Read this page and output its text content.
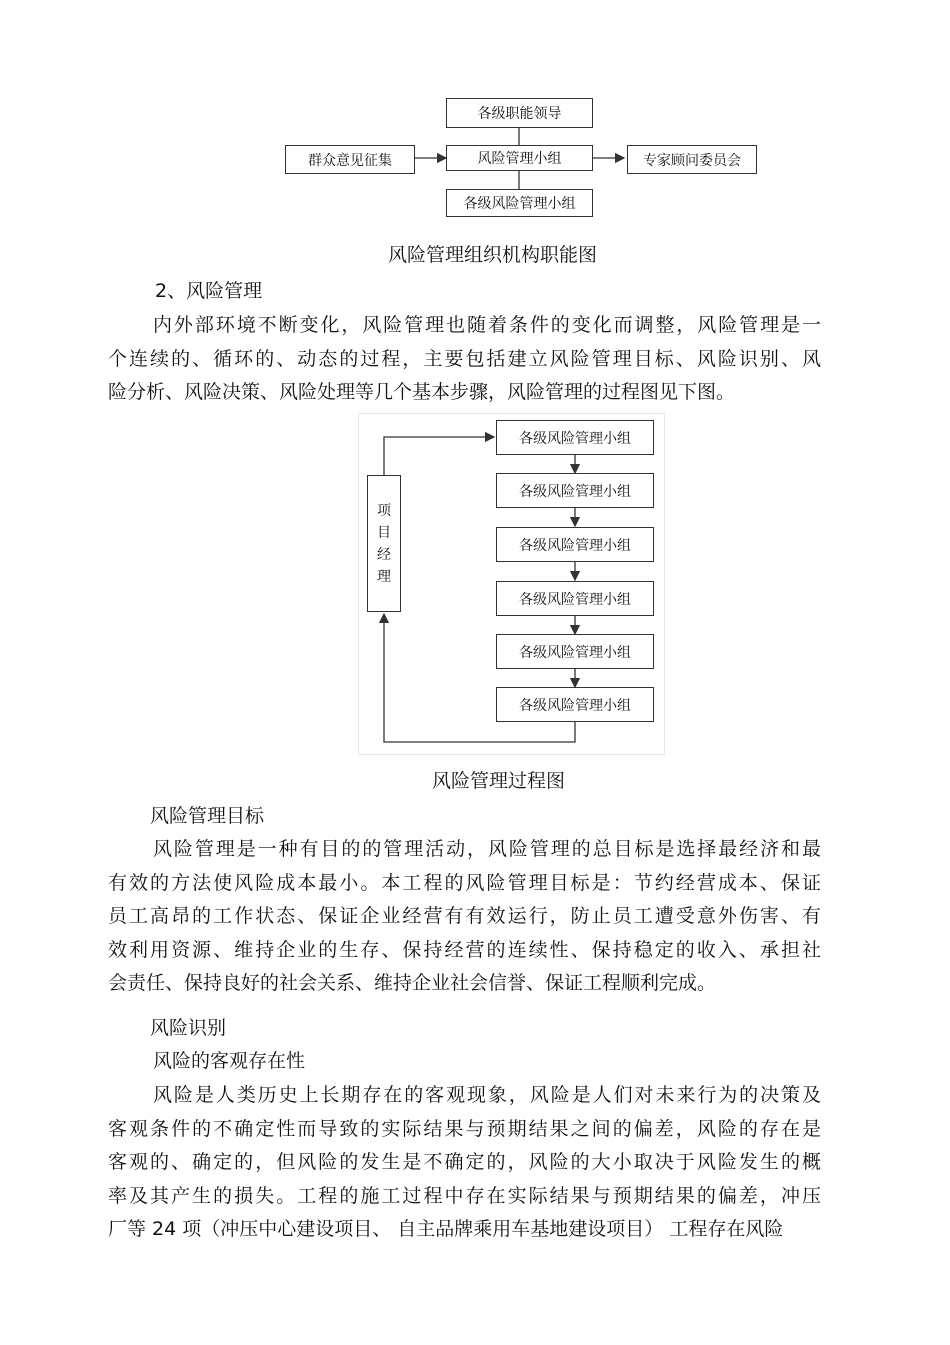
各级职能领导
群众意见征集	风险管理小组	专家顾问委员会
各级风险管理小组
风险管理组织机构职能图
2、风险管理
内外部环境不断变化，风险管理也随着条件的变化而调整，风险管理是一
个连续的、循环的、动态的过程，主要包括建立风险管理目标、风险识别、风
险分析、风险决策、风险处理等几个基本步骤，风险管理的过程图见下图。
项
目
经
理
各级风险管理小组
各级风险管理小组
各级风险管理小组
各级风险管理小组
各级风险管理小组
各级风险管理小组
风险管理过程图
风险管理目标
风险管理是一种有目的的管理活动，风险管理的总目标是选择最经济和最
有效的方法使风险成本最小。本工程的风险管理目标是：节约经营成本、保证
员工高昂的工作状态、保证企业经营有有效运行，防止员工遭受意外伤害、有
效利用资源、维持企业的生存、保持经营的连续性、保持稳定的收入、承担社
会责任、保持良好的社会关系、维持企业社会信誉、保证工程顺利完成。
风险识别
风险的客观存在性
风险是人类历史上长期存在的客观现象，风险是人们对未来行为的决策及
客观条件的不确定性而导致的实际结果与预期结果之间的偏差，风险的存在是
客观的、确定的，但风险的发生是不确定的，风险的大小取决于风险发生的概
率及其产生的损失。工程的施工过程中存在实际结果与预期结果的偏差，冲压
厂等 24 项（冲压中心建设项目、 自主品牌乘用车基地建设项目） 工程存在风险
